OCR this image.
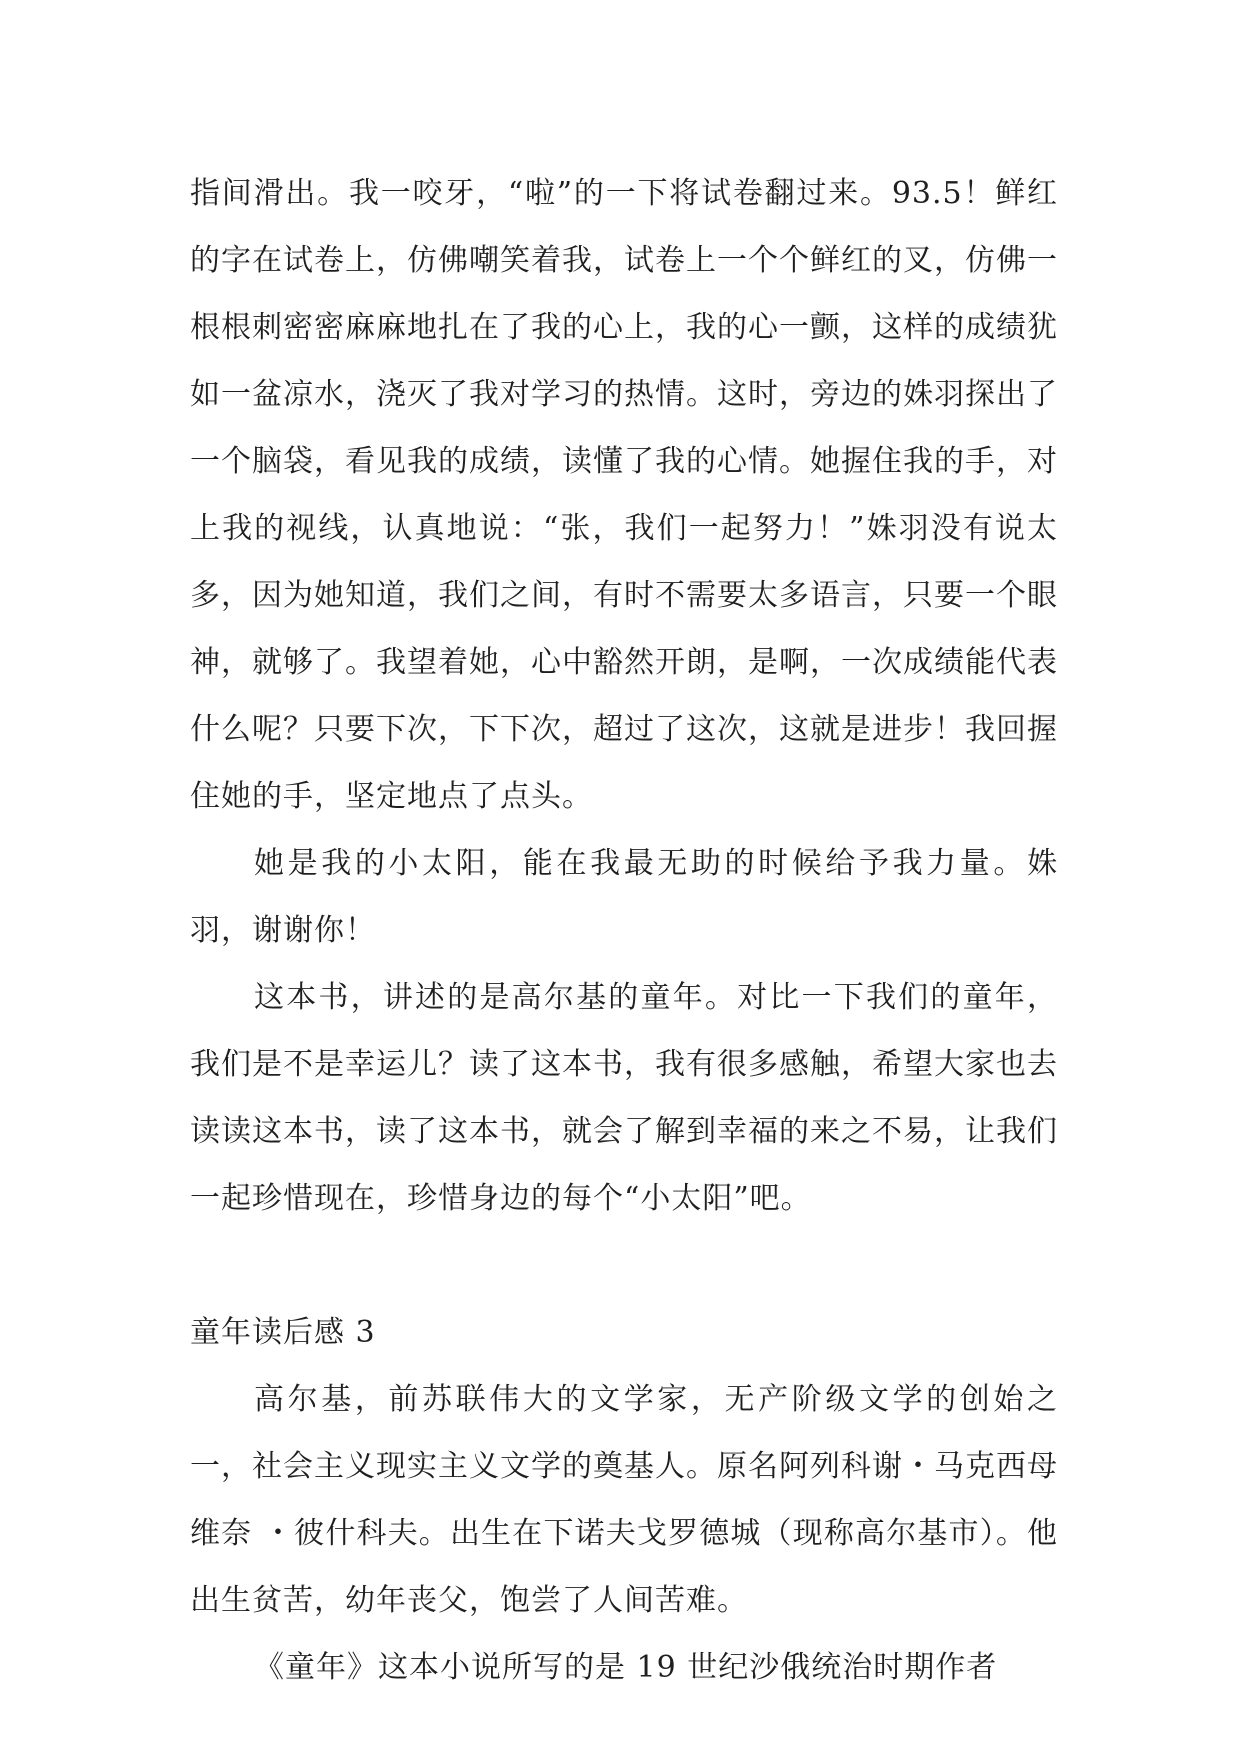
指间滑出。我一咬牙，“啦”的一下将试卷翻过来。93.5！鲜红的字在试卷上，仿佛嘲笑着我，试卷上一个个鲜红的叉，仿佛一根根刺密密麻麻地扎在了我的心上，我的心一颤，这样的成绩犹如一盆凉水，浇灭了我对学习的热情。这时，旁边的姝羽探出了一个脑袋，看见我的成绩，读懂了我的心情。她握住我的手，对上我的视线，认真地说：“张，我们一起努力！”姝羽没有说太多，因为她知道，我们之间，有时不需要太多语言，只要一个眼神，就够了。我望着她，心中豁然开朗，是啊，一次成绩能代表什么呢？只要下次，下下次，超过了这次，这就是进步！我回握住她的手，坚定地点了点头。

她是我的小太阳，能在我最无助的时候给予我力量。姝羽，谢谢你！

这本书，讲述的是高尔基的童年。对比一下我们的童年，我们是不是幸运儿？读了这本书，我有很多感触，希望大家也去读读这本书，读了这本书，就会了解到幸福的来之不易，让我们一起珍惜现在，珍惜身边的每个“小太阳”吧。

童年读后感 3

高尔基，前苏联伟大的文学家，无产阶级文学的创始之一，社会主义现实主义文学的奠基人。原名阿列科谢・马克西母维奈 ・彼什科夫。出生在下诺夫戈罗德城（现称高尔基市）。他出生贫苦，幼年丧父，饱尝了人间苦难。

《童年》这本小说所写的是 19 世纪沙俄统治时期作者
